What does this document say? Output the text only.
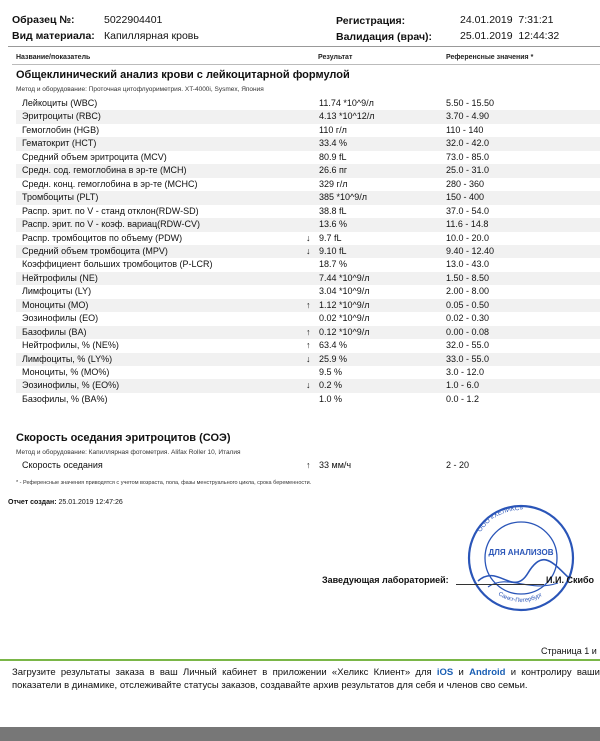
Образец №:	5022904401
Вид материала: Капиллярная кровь
Регистрация:	24.01.2019  7:31:21
Валидация (врач):	25.01.2019  12:44:32
Название/показатель	Результат	Референсные значения *
Общеклинический анализ крови с лейкоцитарной формулой
Метод и оборудование: Проточная цитофлуориметрия. XT-4000i, Sysmex, Япония
Лейкоциты (WBC)	11.74 *10^9/л	5.50 - 15.50
Эритроциты (RBC)	4.13 *10^12/л	3.70 - 4.90
Гемоглобин (HGB)	110 г/л	110 - 140
Гематокрит (HCT)	33.4 %	32.0 - 42.0
Средний объем эритроцита (MCV)	80.9 fL	73.0 - 85.0
Средн. сод. гемоглобина в эр-те (MCH)	26.6 пг	25.0 - 31.0
Средн. конц. гемоглобина в эр-те (MCHC)	329 г/л	280 - 360
Тромбоциты (PLT)	385 *10^9/л	150 - 400
Распр. эрит. по V - станд отклон(RDW-SD)	38.8 fL	37.0 - 54.0
Распр. эрит. по V - коэф. вариац(RDW-CV)	13.6 %	11.6 - 14.8
Распр. тромбоцитов по объему (PDW)	↓ 9.7 fL	10.0 - 20.0
Средний объем тромбоцита (MPV)	↓ 9.10 fL	9.40 - 12.40
Коэффициент больших тромбоцитов (P-LCR)	18.7 %	13.0 - 43.0
Нейтрофилы (NE)	7.44 *10^9/л	1.50 - 8.50
Лимфоциты (LY)	3.04 *10^9/л	2.00 - 8.00
Моноциты (MO)	↑ 1.12 *10^9/л	0.05 - 0.50
Эозинофилы (EO)	0.02 *10^9/л	0.02 - 0.30
Базофилы (BA)	↑ 0.12 *10^9/л	0.00 - 0.08
Нейтрофилы, % (NE%)	↑ 63.4 %	32.0 - 55.0
Лимфоциты, % (LY%)	↓ 25.9 %	33.0 - 55.0
Моноциты, % (MO%)	9.5 %	3.0 - 12.0
Эозинофилы, % (EO%)	↓ 0.2 %	1.0 - 6.0
Базофилы, % (BA%)	1.0 %	0.0 - 1.2
Скорость оседания эритроцитов (СОЭ)
Метод и оборудование: Капиллярная фотометрия. Alifax Roller 10, Италия
Скорость оседания	↑ 33 мм/ч	2 - 20
* - Референсные значения приводятся с учетом возраста, пола, фазы менструального цикла, срока беременности.
Отчет создан: 25.01.2019 12:47:26
ООО «ХЕЛИКС»
ДЛЯ АНАЛИЗОВ
Санкт-Петербург
Заведующая лабораторией:	И.И. Скибо
Страница 1 и
Загрузите результаты заказа в ваш Личный кабинет в приложении «Хеликс Клиент» для iOS и Android и контролиру ваши показатели в динамике, отслеживайте статусы заказов, создавайте архив результатов для себя и членов сво семьи.
